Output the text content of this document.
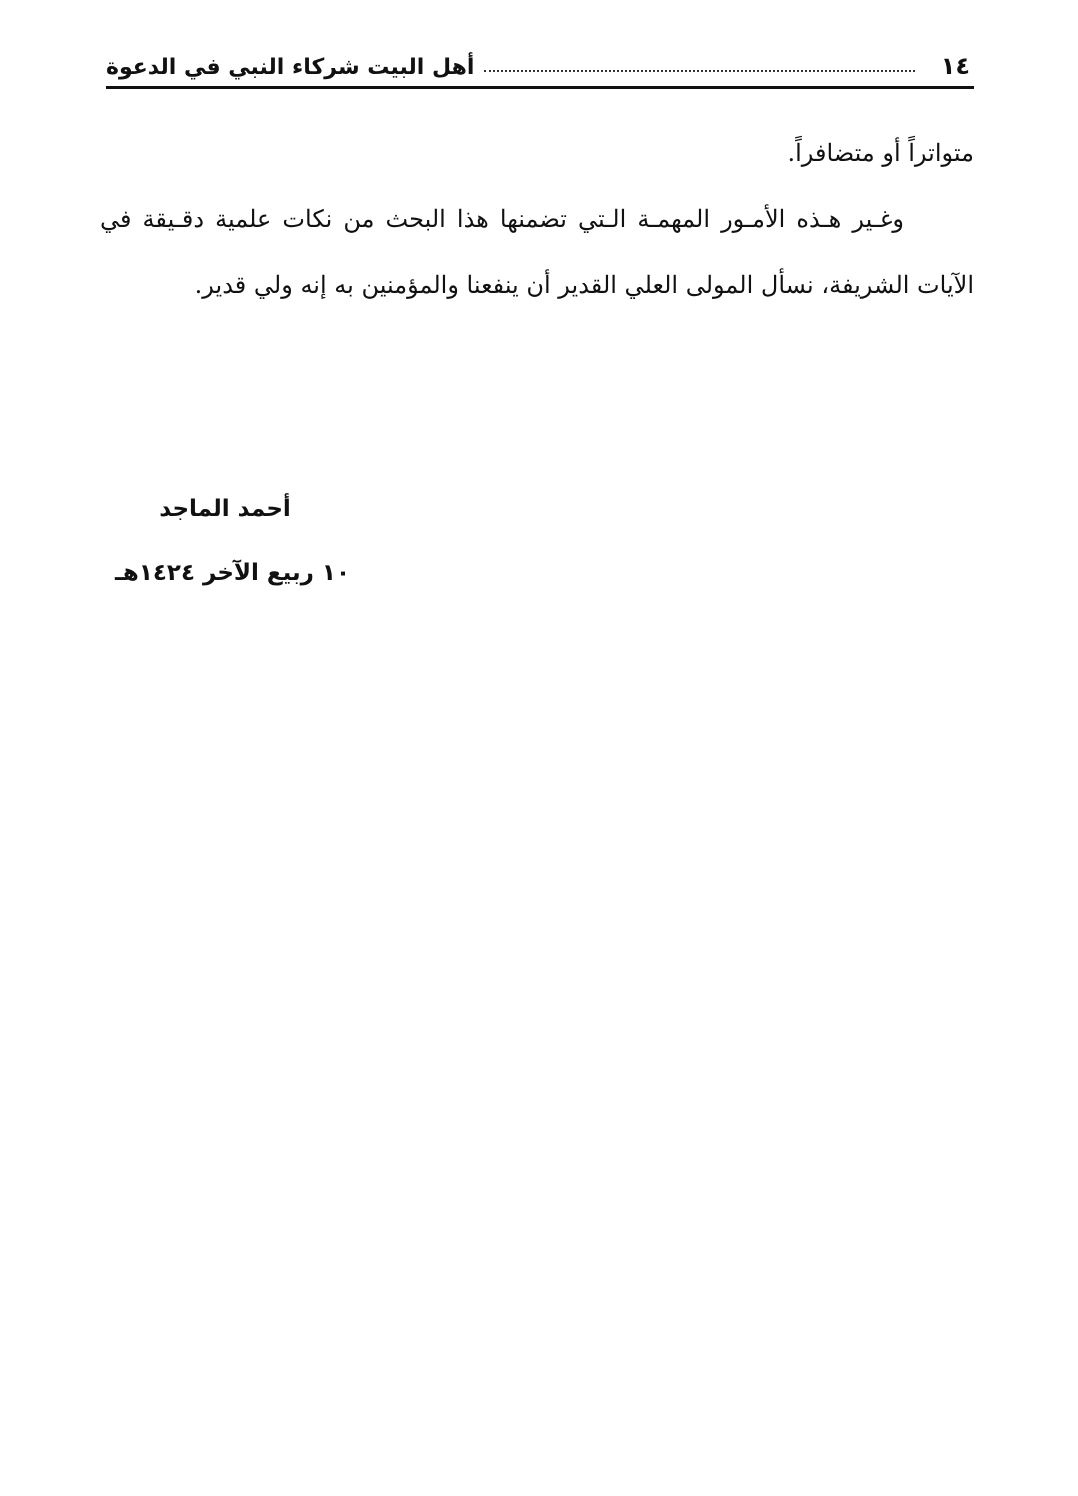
١٤
أهل البيت شركاء النبي في الدعوة

متواتراً أو متضافراً.

وغـير هـذه الأمـور المهمـة الـتي تضمنها هذا البحث من نكات علمية دقـيقة في الآيات الشريفة، نسأل المولى العلي القدير أن ينفعنا والمؤمنين به إنه ولي قدير.

أحمد الماجد
١٠ ربيع الآخر ١٤٢٤هـ
